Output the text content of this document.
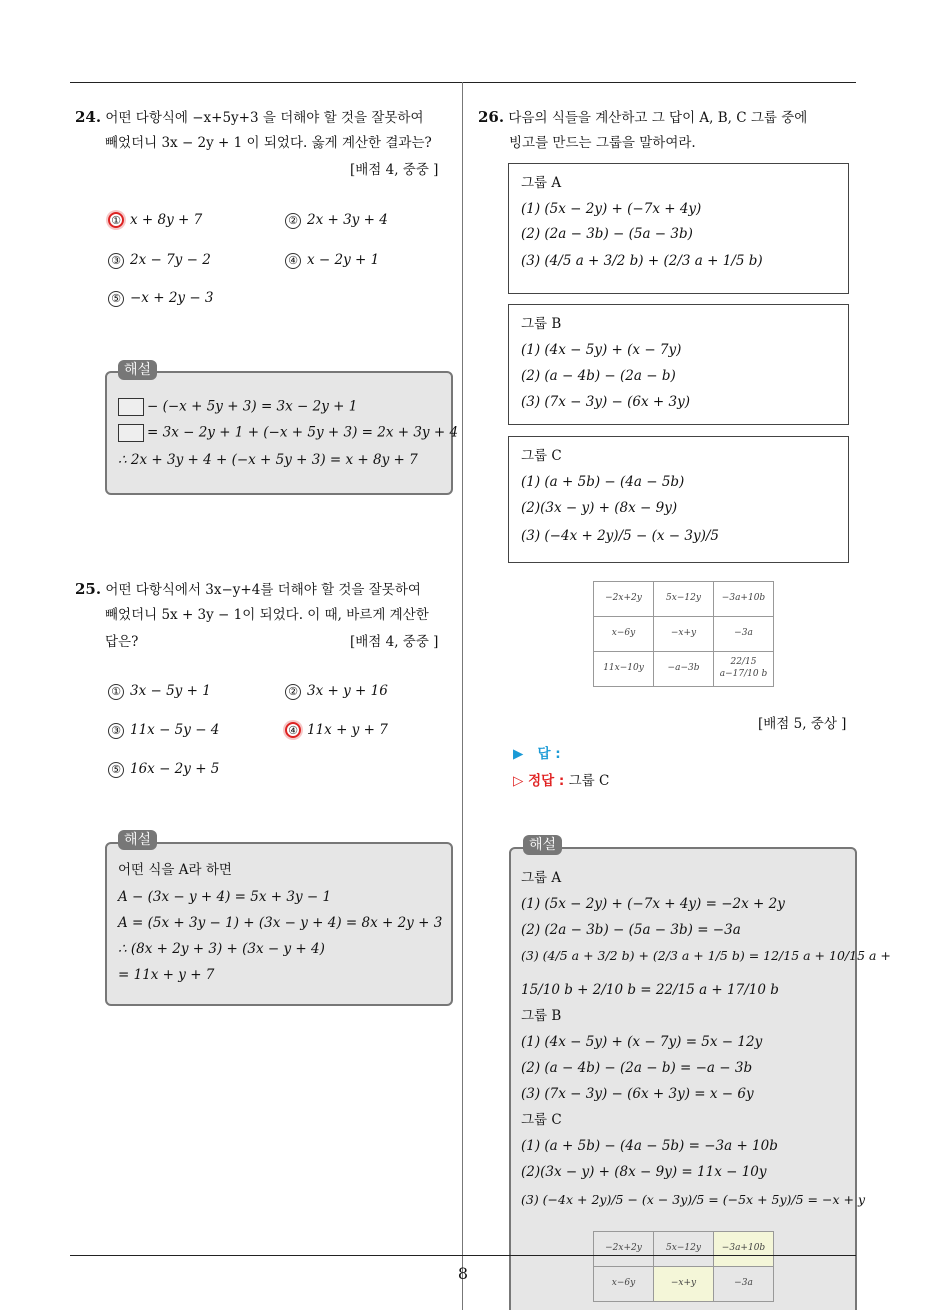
24. 어떤 다항식에 −x+5y+3 을 더해야 할 것을 잘못하여
빼었더니 3x − 2y + 1 이 되었다. 옳게 계산한 결과는?
[배점 4, 중중 ]
① x + 8y + 7	② 2x + 3y + 4
③ 2x − 7y − 2	④ x − 2y + 1
⑤ −x + 2y − 3
해설
− (−x + 5y + 3) = 3x − 2y + 1
= 3x − 2y + 1 + (−x + 5y + 3) = 2x + 3y + 4
∴ 2x + 3y + 4 + (−x + 5y + 3) = x + 8y + 7
25. 어떤 다항식에서 3x−y+4를 더해야 할 것을 잘못하여
빼었더니 5x + 3y − 1이 되었다. 이 때, 바르게 계산한
답은?	[배점 4, 중중 ]
① 3x − 5y + 1	② 3x + y + 16
③ 11x − 5y − 4	④ 11x + y + 7
⑤ 16x − 2y + 5
해설
어떤 식을 A라 하면
A − (3x − y + 4) = 5x + 3y − 1
A = (5x + 3y − 1) + (3x − y + 4) = 8x + 2y + 3
∴ (8x + 2y + 3) + (3x − y + 4)
= 11x + y + 7
26. 다음의 식들을 계산하고 그 답이 A, B, C 그룹 중에
빙고를 만드는 그룹을 말하여라.
그룹 A
(1) (5x − 2y) + (−7x + 4y)
(2) (2a − 3b) − (5a − 3b)
(3) (4/5 a + 3/2 b) + (2/3 a + 1/5 b)
그룹 B
(1) (4x − 5y) + (x − 7y)
(2) (a − 4b) − (2a − b)
(3) (7x − 3y) − (6x + 3y)
그룹 C
(1) (a + 5b) − (4a − 5b)
(2)(3x − y) + (8x − 9y)
(3) (−4x + 2y)/5 − (x − 3y)/5
−2x+2y	5x−12y	−3a+10b
x−6y	−x+y	−3a
11x−10y	−a−3b	22/15 a−17/10 b
[배점 5, 중상 ]
▶   답 :
▷ 정답 : 그룹 C
해설
그룹 A
(1) (5x − 2y) + (−7x + 4y) = −2x + 2y
(2) (2a − 3b) − (5a − 3b) = −3a
(3) (4/5 a + 3/2 b) + (2/3 a + 1/5 b) = 12/15 a + 10/15 a +
15/10 b + 2/10 b = 22/15 a + 17/10 b
그룹 B
(1) (4x − 5y) + (x − 7y) = 5x − 12y
(2) (a − 4b) − (2a − b) = −a − 3b
(3) (7x − 3y) − (6x + 3y) = x − 6y
그룹 C
(1) (a + 5b) − (4a − 5b) = −3a + 10b
(2)(3x − y) + (8x − 9y) = 11x − 10y
(3) (−4x + 2y)/5 − (x − 3y)/5 = (−5x + 5y)/5 = −x + y
−2x+2y	5x−12y	−3a+10b
x−6y	−x+y	−3a
8
